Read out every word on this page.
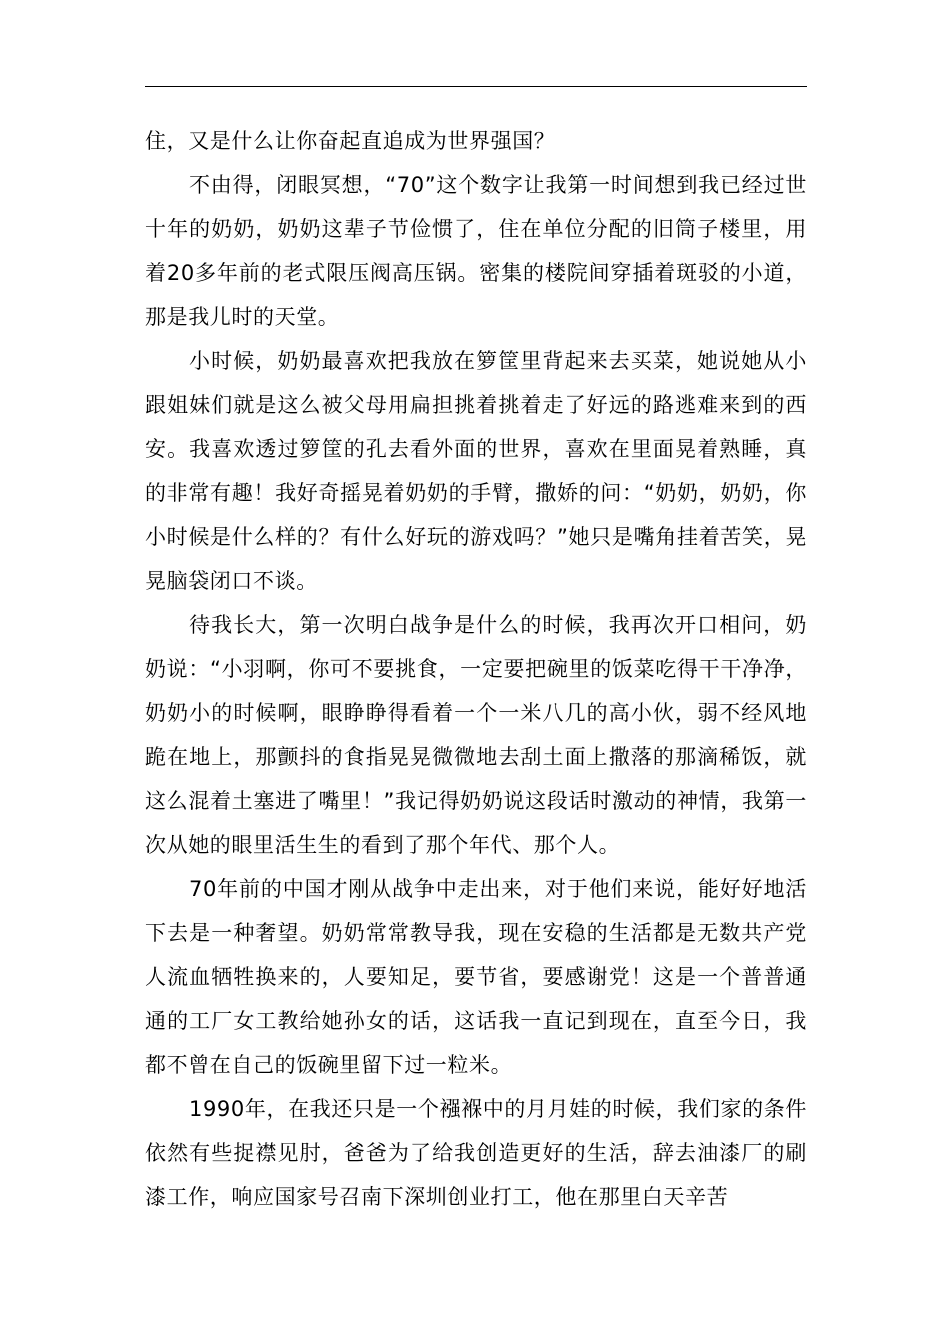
住，又是什么让你奋起直追成为世界强国？

不由得，闭眼冥想，“70”这个数字让我第一时间想到我已经过世十年的奶奶，奶奶这辈子节俭惯了，住在单位分配的旧筒子楼里，用着20多年前的老式限压阀高压锅。密集的楼院间穿插着斑驳的小道，那是我儿时的天堂。

小时候，奶奶最喜欢把我放在箩筐里背起来去买菜，她说她从小跟姐妹们就是这么被父母用扁担挑着挑着走了好远的路逃难来到的西安。我喜欢透过箩筐的孔去看外面的世界，喜欢在里面晃着熟睡，真的非常有趣！我好奇摇晃着奶奶的手臂，撒娇的问：“奶奶，奶奶，你小时候是什么样的？有什么好玩的游戏吗？”她只是嘴角挂着苦笑，晃晃脑袋闭口不谈。

待我长大，第一次明白战争是什么的时候，我再次开口相问，奶奶说：“小羽啊，你可不要挑食，一定要把碗里的饭菜吃得干干净净，奶奶小的时候啊，眼睁睁得看着一个一米八几的高小伙，弱不经风地跪在地上，那颤抖的食指晃晃微微地去刮土面上撒落的那滴稀饭，就这么混着土塞进了嘴里！”我记得奶奶说这段话时激动的神情，我第一次从她的眼里活生生的看到了那个年代、那个人。

70年前的中国才刚从战争中走出来，对于他们来说，能好好地活下去是一种奢望。奶奶常常教导我，现在安稳的生活都是无数共产党人流血牺牲换来的，人要知足，要节省，要感谢党！这是一个普普通通的工厂女工教给她孙女的话，这话我一直记到现在，直至今日，我都不曾在自己的饭碗里留下过一粒米。

1990年，在我还只是一个襁褓中的月月娃的时候，我们家的条件依然有些捉襟见肘，爸爸为了给我创造更好的生活，辞去油漆厂的刷漆工作，响应国家号召南下深圳创业打工，他在那里白天辛苦
